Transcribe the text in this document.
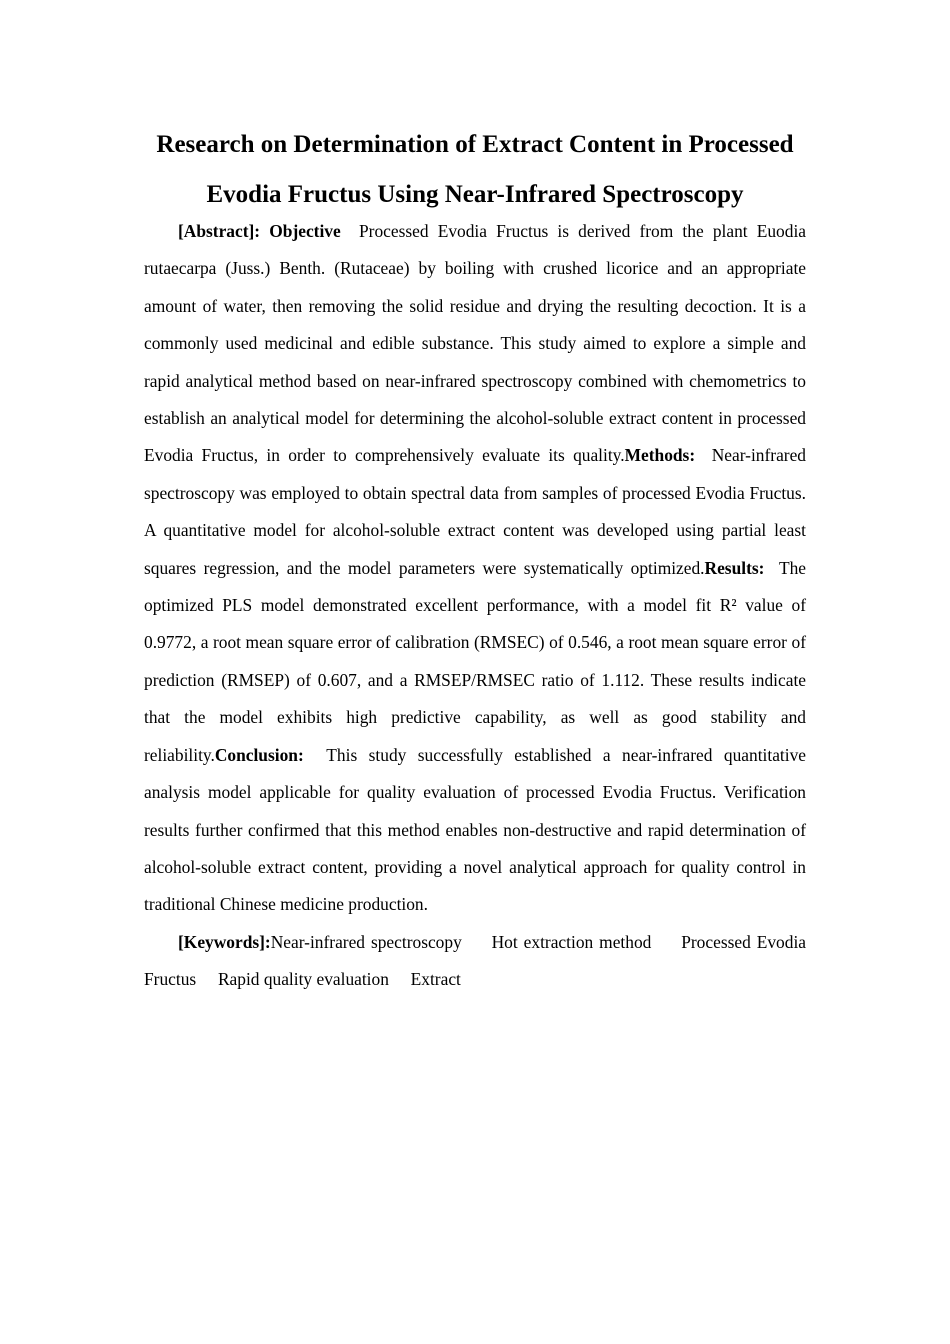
Research on Determination of Extract Content in Processed
Evodia Fructus Using Near-Infrared Spectroscopy

[Abstract]: Objective Processed Evodia Fructus is derived from the plant Euodia rutaecarpa (Juss.) Benth. (Rutaceae) by boiling with crushed licorice and an appropriate amount of water, then removing the solid residue and drying the resulting decoction. It is a commonly used medicinal and edible substance. This study aimed to explore a simple and rapid analytical method based on near-infrared spectroscopy combined with chemometrics to establish an analytical model for determining the alcohol-soluble extract content in processed Evodia Fructus, in order to comprehensively evaluate its quality.Methods: Near-infrared spectroscopy was employed to obtain spectral data from samples of processed Evodia Fructus. A quantitative model for alcohol-soluble extract content was developed using partial least squares regression, and the model parameters were systematically optimized.Results: The optimized PLS model demonstrated excellent performance, with a model fit R² value of 0.9772, a root mean square error of calibration (RMSEC) of 0.546, a root mean square error of prediction (RMSEP) of 0.607, and a RMSEP/RMSEC ratio of 1.112. These results indicate that the model exhibits high predictive capability, as well as good stability and reliability.Conclusion: This study successfully established a near-infrared quantitative analysis model applicable for quality evaluation of processed Evodia Fructus. Verification results further confirmed that this method enables non-destructive and rapid determination of alcohol-soluble extract content, providing a novel analytical approach for quality control in traditional Chinese medicine production.

[Keywords]:Near-infrared spectroscopy Hot extraction method Processed Evodia Fructus Rapid quality evaluation Extract
